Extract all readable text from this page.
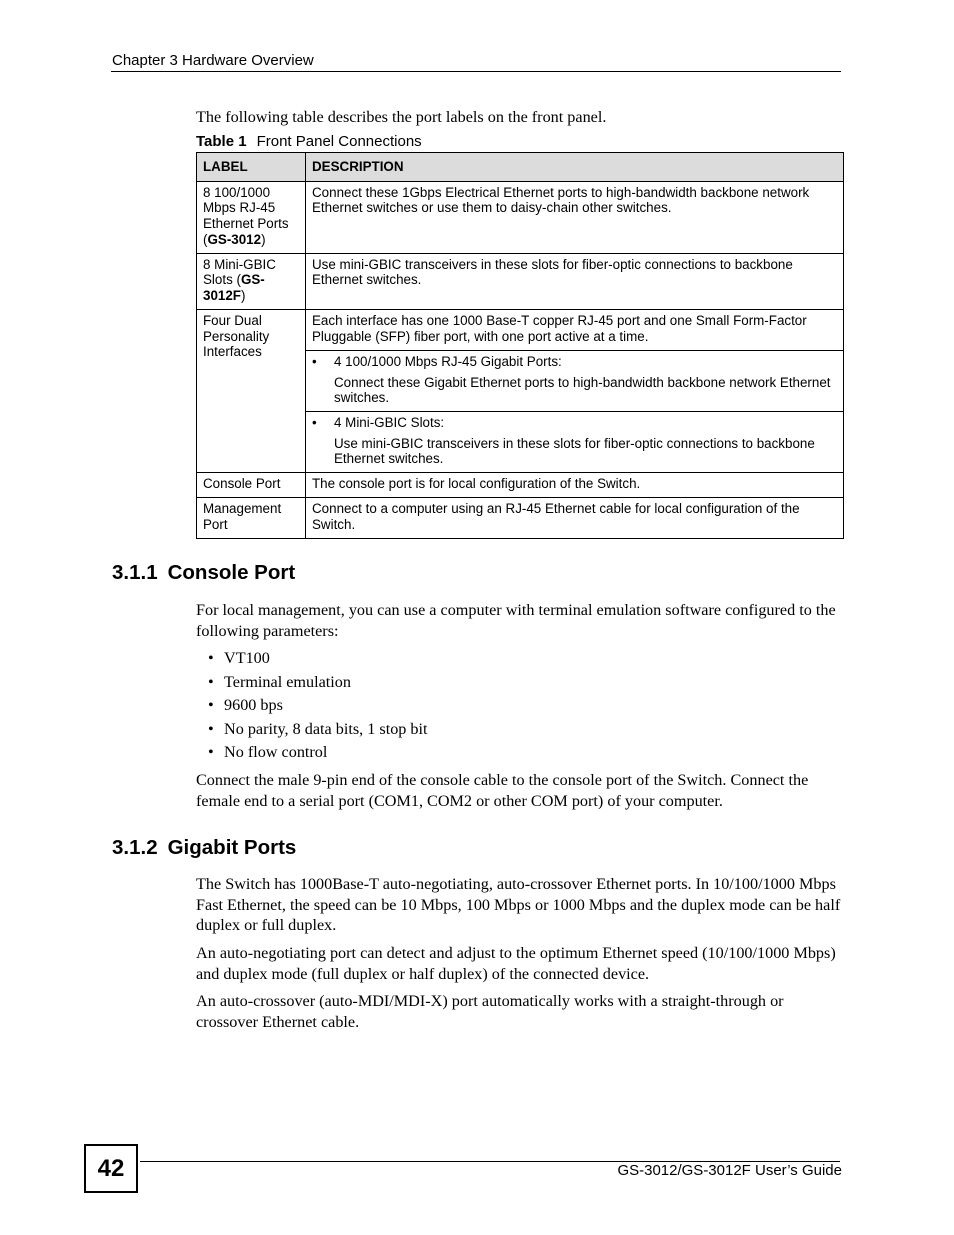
Chapter 3 Hardware Overview

The following table describes the port labels on the front panel.

Table 1 Front Panel Connections
LABEL	DESCRIPTION
8 100/1000 Mbps RJ-45 Ethernet Ports (GS-3012)	Connect these 1Gbps Electrical Ethernet ports to high-bandwidth backbone network Ethernet switches or use them to daisy-chain other switches.
8 Mini-GBIC Slots (GS-3012F)	Use mini-GBIC transceivers in these slots for fiber-optic connections to backbone Ethernet switches.
Four Dual Personality Interfaces	Each interface has one 1000 Base-T copper RJ-45 port and one Small Form-Factor Pluggable (SFP) fiber port, with one port active at a time.

	• 4 100/1000 Mbps RJ-45 Gigabit Ports:
Connect these Gigabit Ethernet ports to high-bandwidth backbone network Ethernet switches.

	• 4 Mini-GBIC Slots:
Use mini-GBIC transceivers in these slots for fiber-optic connections to backbone Ethernet switches.

Console Port	The console port is for local configuration of the Switch.
Management Port	Connect to a computer using an RJ-45 Ethernet cable for local configuration of the Switch.
3.1.1 Console Port

For local management, you can use a computer with terminal emulation software configured to the following parameters:

• VT100
• Terminal emulation
• 9600 bps
• No parity, 8 data bits, 1 stop bit
• No flow control

Connect the male 9-pin end of the console cable to the console port of the Switch. Connect the female end to a serial port (COM1, COM2 or other COM port) of your computer.

3.1.2 Gigabit Ports

The Switch has 1000Base-T auto-negotiating, auto-crossover Ethernet ports. In 10/100/1000 Mbps Fast Ethernet, the speed can be 10 Mbps, 100 Mbps or 1000 Mbps and the duplex mode can be half duplex or full duplex.

An auto-negotiating port can detect and adjust to the optimum Ethernet speed (10/100/1000 Mbps) and duplex mode (full duplex or half duplex) of the connected device.

An auto-crossover (auto-MDI/MDI-X) port automatically works with a straight-through or crossover Ethernet cable.

42	GS-3012/GS-3012F User’s Guide
